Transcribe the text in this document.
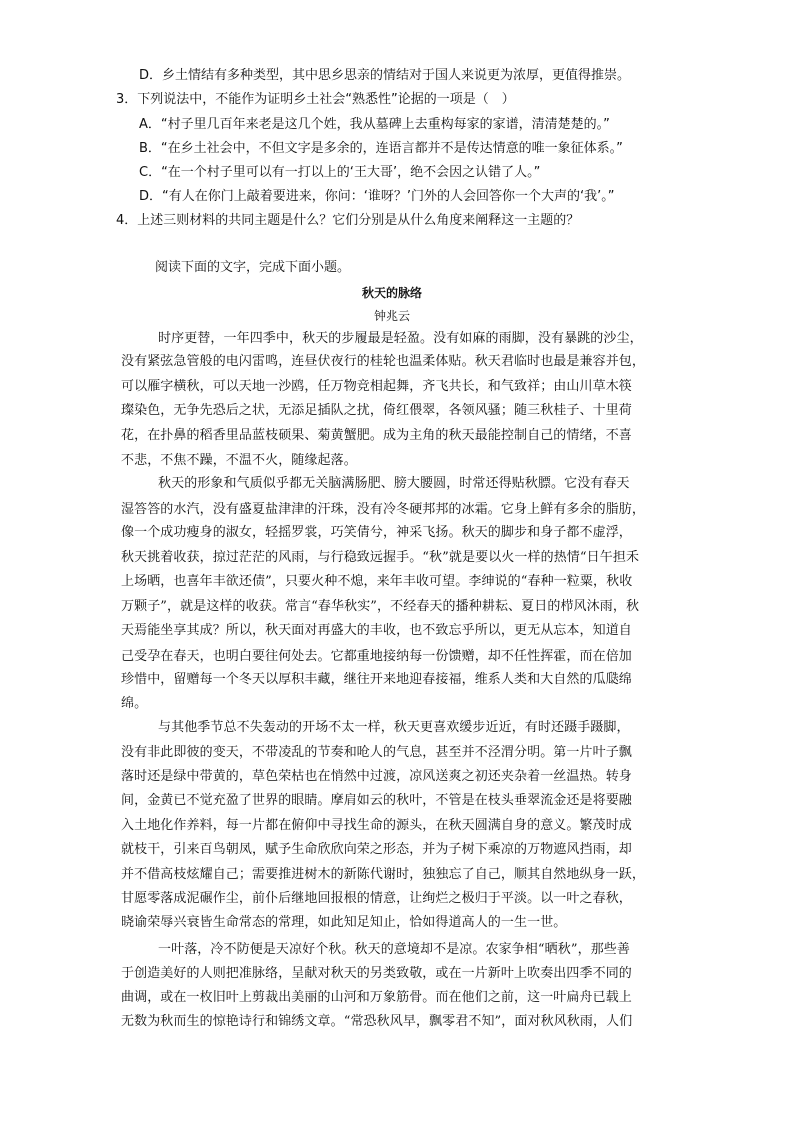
D．乡土情结有多种类型，其中思乡思亲的情结对于国人来说更为浓厚，更值得推崇。
3．下列说法中，不能作为证明乡土社会“熟悉性”论据的一项是（　）
A．“村子里几百年来老是这几个姓，我从墓碑上去重构每家的家谱，清清楚楚的。”
B．“在乡土社会中，不但文字是多余的，连语言都并不是传达情意的唯一象征体系。”
C．“在一个村子里可以有一打以上的‘王大哥’，绝不会因之认错了人。”
D．“有人在你门上敲着要进来，你问：‘谁呀？’门外的人会回答你一个大声的‘我’。”
4．上述三则材料的共同主题是什么？它们分别是从什么角度来阐释这一主题的？
阅读下面的文字，完成下面小题。
秋天的脉络
钟兆云
时序更替，一年四季中，秋天的步履最是轻盈。没有如麻的雨脚，没有暴跳的沙尘，
没有紧弦急管般的电闪雷鸣，连昼伏夜行的桂轮也温柔体贴。秋天君临时也最是兼容并包，
可以雁字横秋，可以天地一沙鸥，任万物竞相起舞，齐飞共长，和气致祥；由山川草木筷
璨染色，无争先恐后之状，无添足插队之扰，倚红偎翠，各领风骚；随三秋桂子、十里荷
花，在扑鼻的稻香里品蓝枝硕果、菊黄蟹肥。成为主角的秋天最能控制自己的情绪，不喜
不悲，不焦不躁，不温不火，随缘起落。
秋天的形象和气质似乎都无关脑满肠肥、膀大腰圆，时常还得贴秋膘。它没有春天
湿答答的水汽，没有盛夏盐津津的汗珠，没有冷冬硬邦邦的冰霜。它身上鲜有多余的脂肪，
像一个成功瘦身的淑女，轻摇罗裳，巧笑倩兮，神采飞扬。秋天的脚步和身子都不虚浮，
秋天挑着收获，掠过茫茫的风雨，与行稳致远握手。“秋”就是要以火一样的热情“日午担禾
上场晒，也喜年丰欲还债”，只要火种不熄，来年丰收可望。李绅说的“春种一粒粟，秋收
万颗子”，就是这样的收获。常言“春华秋实”，不经春天的播种耕耘、夏日的栉风沐雨，秋
天焉能坐享其成？所以，秋天面对再盛大的丰收，也不致忘乎所以，更无从忘本，知道自
己受孕在春天，也明白要往何处去。它都重地接纳每一份馈赠，却不任性挥霍，而在倍加
珍惜中，留赠每一个冬天以厚积丰藏，继往开来地迎春接福，维系人类和大自然的瓜瓞绵
绵。
与其他季节总不失轰动的开场不太一样，秋天更喜欢缓步近近，有时还蹑手蹑脚，
没有非此即彼的变天，不带凌乱的节奏和呛人的气息，甚至并不泾渭分明。第一片叶子飘
落时还是绿中带黄的，草色荣枯也在悄然中过渡，凉风送爽之初还夹杂着一丝温热。转身
间，金黄已不觉充盈了世界的眼睛。摩肩如云的秋叶，不管是在枝头垂翠流金还是将要融
入土地化作养料，每一片都在俯仰中寻找生命的源头，在秋天圆满自身的意义。繁茂时成
就枝干，引来百鸟朝凤，赋予生命欣欣向荣之形态，并为子树下乘凉的万物遮风挡雨，却
并不借高枝炫耀自己；需要推进树木的新陈代谢时，独独忘了自己，顺其自然地纵身一跃，
甘愿零落成泥碾作尘，前仆后继地回报根的情意，让绚烂之极归于平淡。以一叶之春秋，
晓谕荣辱兴衰皆生命常态的常理，如此知足知止，恰如得道高人的一生一世。
一叶落，冷不防便是天凉好个秋。秋天的意境却不是凉。农家争相“晒秋”，那些善
于创造美好的人则把准脉络，呈献对秋天的另类致敬，或在一片新叶上吹奏出四季不同的
曲调，或在一枚旧叶上剪裁出美丽的山河和万象筋骨。而在他们之前，这一叶扁舟已载上
无数为秋而生的惊艳诗行和锦绣文章。“常恐秋风早，飘零君不知”，面对秋风秋雨，人们
